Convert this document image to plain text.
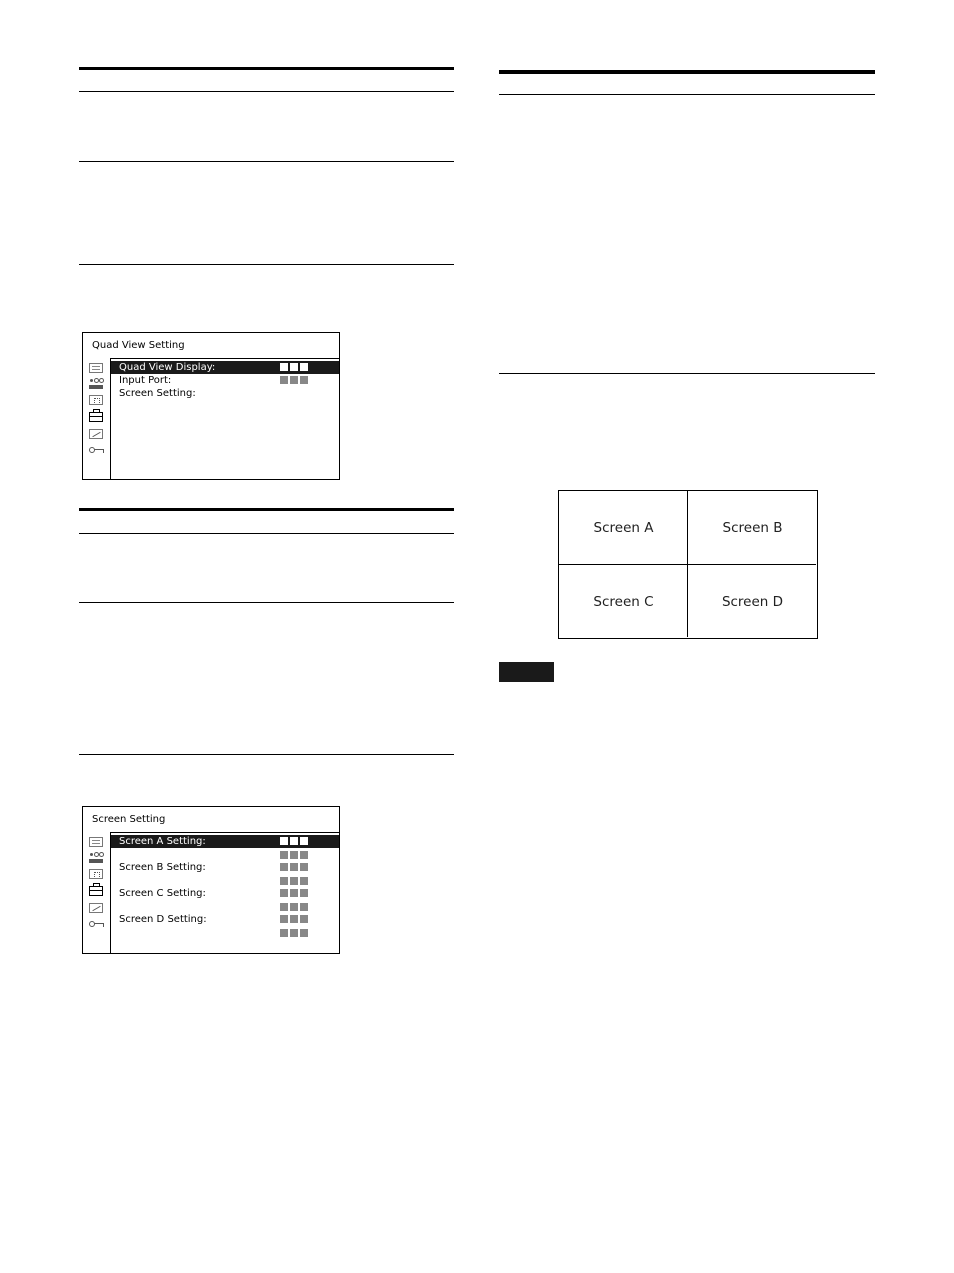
Quad View Setting
Quad View Display:
Input Port:
Screen Setting:
Screen Setting
Screen A Setting:
Screen B Setting:
Screen C Setting:
Screen D Setting:
Screen A	Screen B
Screen C	Screen D
